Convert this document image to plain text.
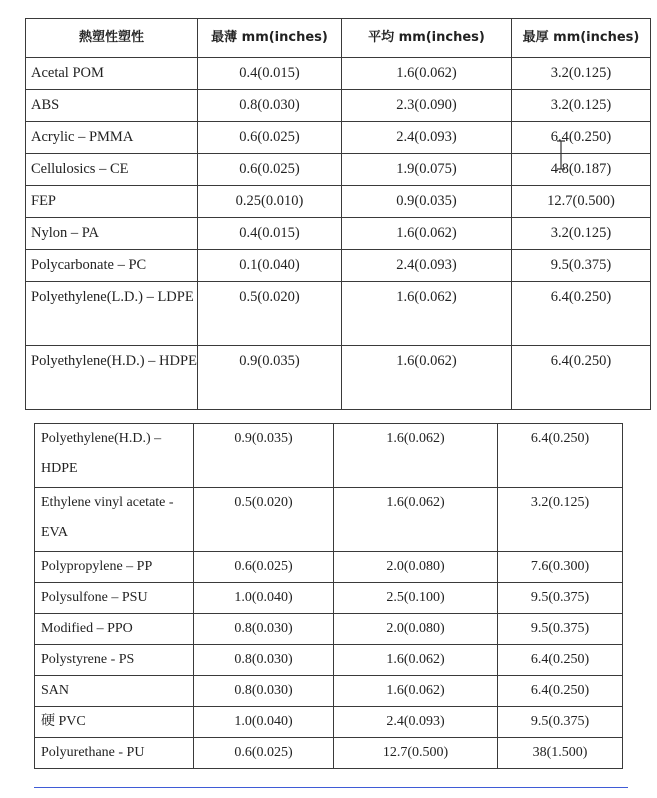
熱塑性塑性	最薄 mm(inches)	平均 mm(inches)	最厚 mm(inches)
Acetal POM	0.4(0.015)	1.6(0.062)	3.2(0.125)
ABS	0.8(0.030)	2.3(0.090)	3.2(0.125)
Acrylic – PMMA	0.6(0.025)	2.4(0.093)	6.4(0.250)
Cellulosics – CE	0.6(0.025)	1.9(0.075)	4.8(0.187)
FEP	0.25(0.010)	0.9(0.035)	12.7(0.500)
Nylon – PA	0.4(0.015)	1.6(0.062)	3.2(0.125)
Polycarbonate – PC	0.1(0.040)	2.4(0.093)	9.5(0.375)
Polyethylene(L.D.) – LDPE	0.5(0.020)	1.6(0.062)	6.4(0.250)
Polyethylene(H.D.) – HDPE	0.9(0.035)	1.6(0.062)	6.4(0.250)
Polyethylene(H.D.) – HDPE	0.9(0.035)	1.6(0.062)	6.4(0.250)
Ethylene vinyl acetate - EVA	0.5(0.020)	1.6(0.062)	3.2(0.125)
Polypropylene – PP	0.6(0.025)	2.0(0.080)	7.6(0.300)
Polysulfone – PSU	1.0(0.040)	2.5(0.100)	9.5(0.375)
Modified – PPO	0.8(0.030)	2.0(0.080)	9.5(0.375)
Polystyrene - PS	0.8(0.030)	1.6(0.062)	6.4(0.250)
SAN	0.8(0.030)	1.6(0.062)	6.4(0.250)
硬 PVC	1.0(0.040)	2.4(0.093)	9.5(0.375)
Polyurethane - PU	0.6(0.025)	12.7(0.500)	38(1.500)
